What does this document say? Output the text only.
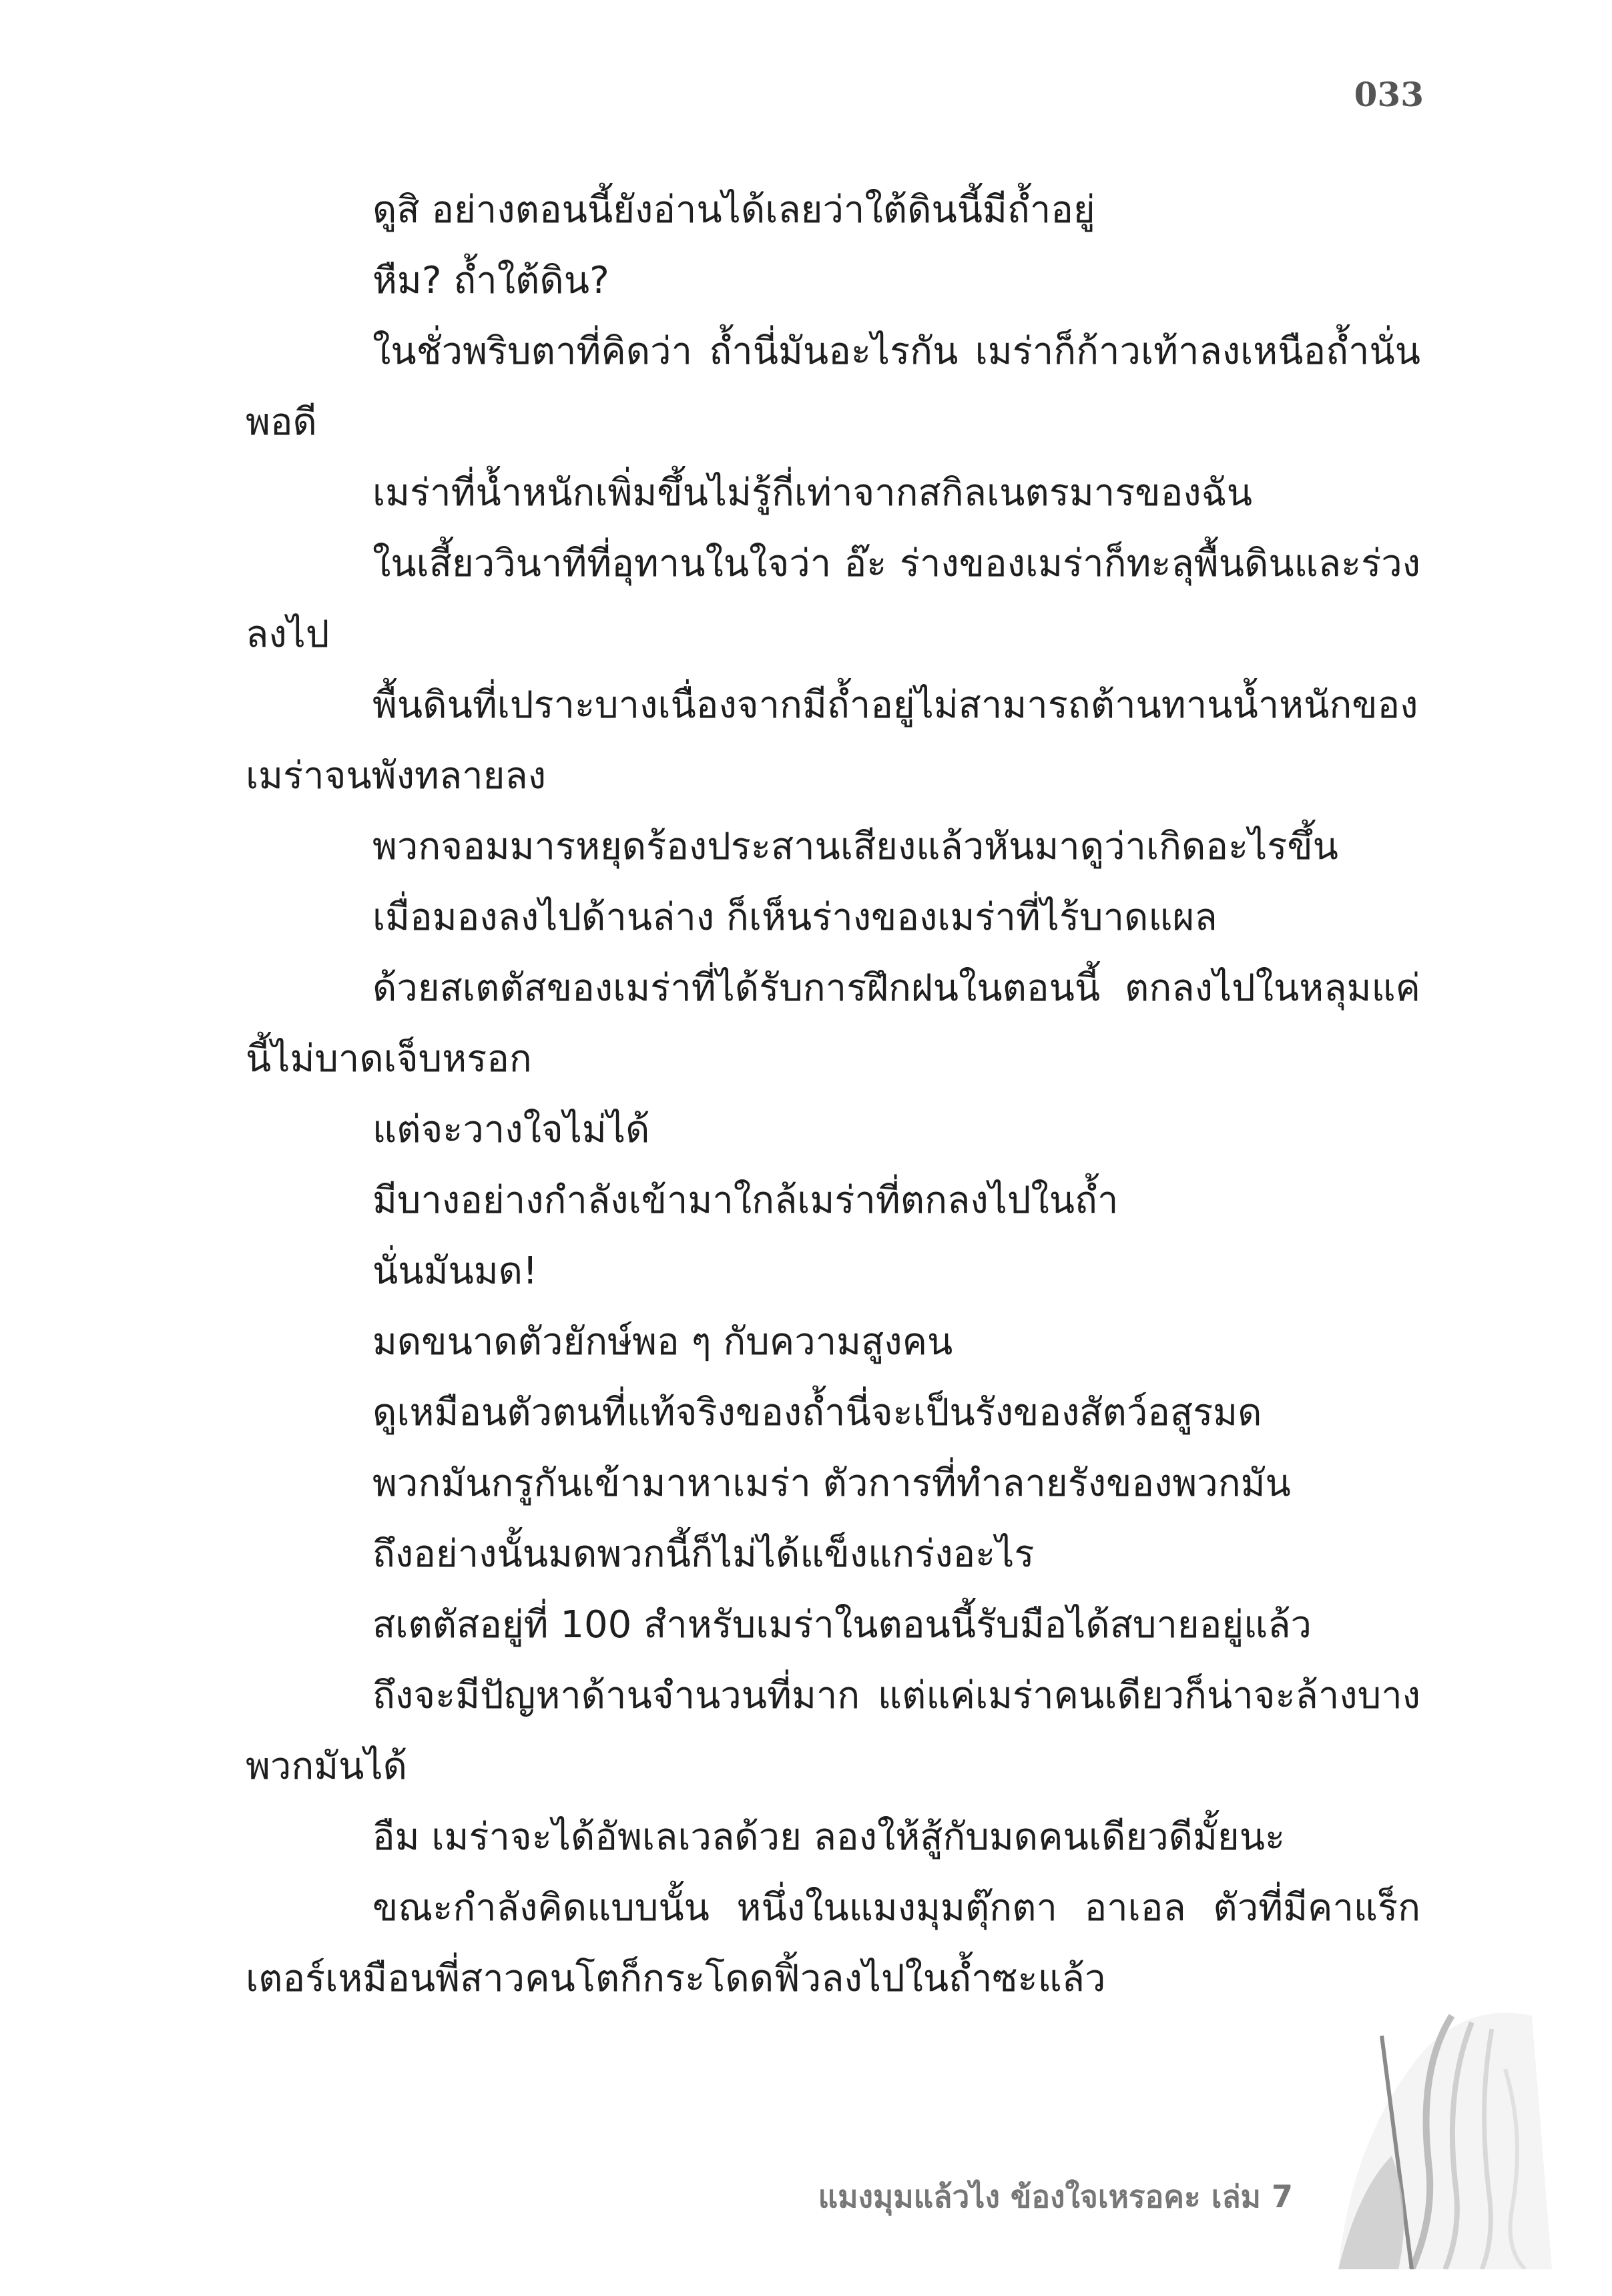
033

ดูสิ อย่างตอนนี้ยังอ่านได้เลยว่าใต้ดินนี้มีถ้ำอยู่

หืม? ถ้ำใต้ดิน?

ในชั่วพริบตาที่คิดว่า ถ้ำนี่มันอะไรกัน เมร่าก็ก้าวเท้าลงเหนือถ้ำนั่นพอดี

เมร่าที่น้ำหนักเพิ่มขึ้นไม่รู้กี่เท่าจากสกิลเนตรมารของฉัน

ในเสี้ยววินาทีที่อุทานในใจว่า อ๊ะ ร่างของเมร่าก็ทะลุพื้นดินและร่วงลงไป

พื้นดินที่เปราะบางเนื่องจากมีถ้ำอยู่ไม่สามารถต้านทานน้ำหนักของเมร่าจนพังทลายลง

พวกจอมมารหยุดร้องประสานเสียงแล้วหันมาดูว่าเกิดอะไรขึ้น

เมื่อมองลงไปด้านล่าง ก็เห็นร่างของเมร่าที่ไร้บาดแผล

ด้วยสเตตัสของเมร่าที่ได้รับการฝึกฝนในตอนนี้ ตกลงไปในหลุมแค่นี้ไม่บาดเจ็บหรอก

แต่จะวางใจไม่ได้

มีบางอย่างกำลังเข้ามาใกล้เมร่าที่ตกลงไปในถ้ำ

นั่นมันมด!

มดขนาดตัวยักษ์พอ ๆ กับความสูงคน

ดูเหมือนตัวตนที่แท้จริงของถ้ำนี่จะเป็นรังของสัตว์อสูรมด

พวกมันกรูกันเข้ามาหาเมร่า ตัวการที่ทำลายรังของพวกมัน

ถึงอย่างนั้นมดพวกนี้ก็ไม่ได้แข็งแกร่งอะไร

สเตตัสอยู่ที่ 100 สำหรับเมร่าในตอนนี้รับมือได้สบายอยู่แล้ว

ถึงจะมีปัญหาด้านจำนวนที่มาก แต่แค่เมร่าคนเดียวก็น่าจะล้างบางพวกมันได้

อืม เมร่าจะได้อัพเลเวลด้วย ลองให้สู้กับมดคนเดียวดีมั้ยนะ

ขณะกำลังคิดแบบนั้น หนึ่งในแมงมุมตุ๊กตา อาเอล ตัวที่มีคาแร็กเตอร์เหมือนพี่สาวคนโตก็กระโดดฟิ้วลงไปในถ้ำซะแล้ว

แมงมุมแล้วไง ข้องใจเหรอคะ เล่ม 7
